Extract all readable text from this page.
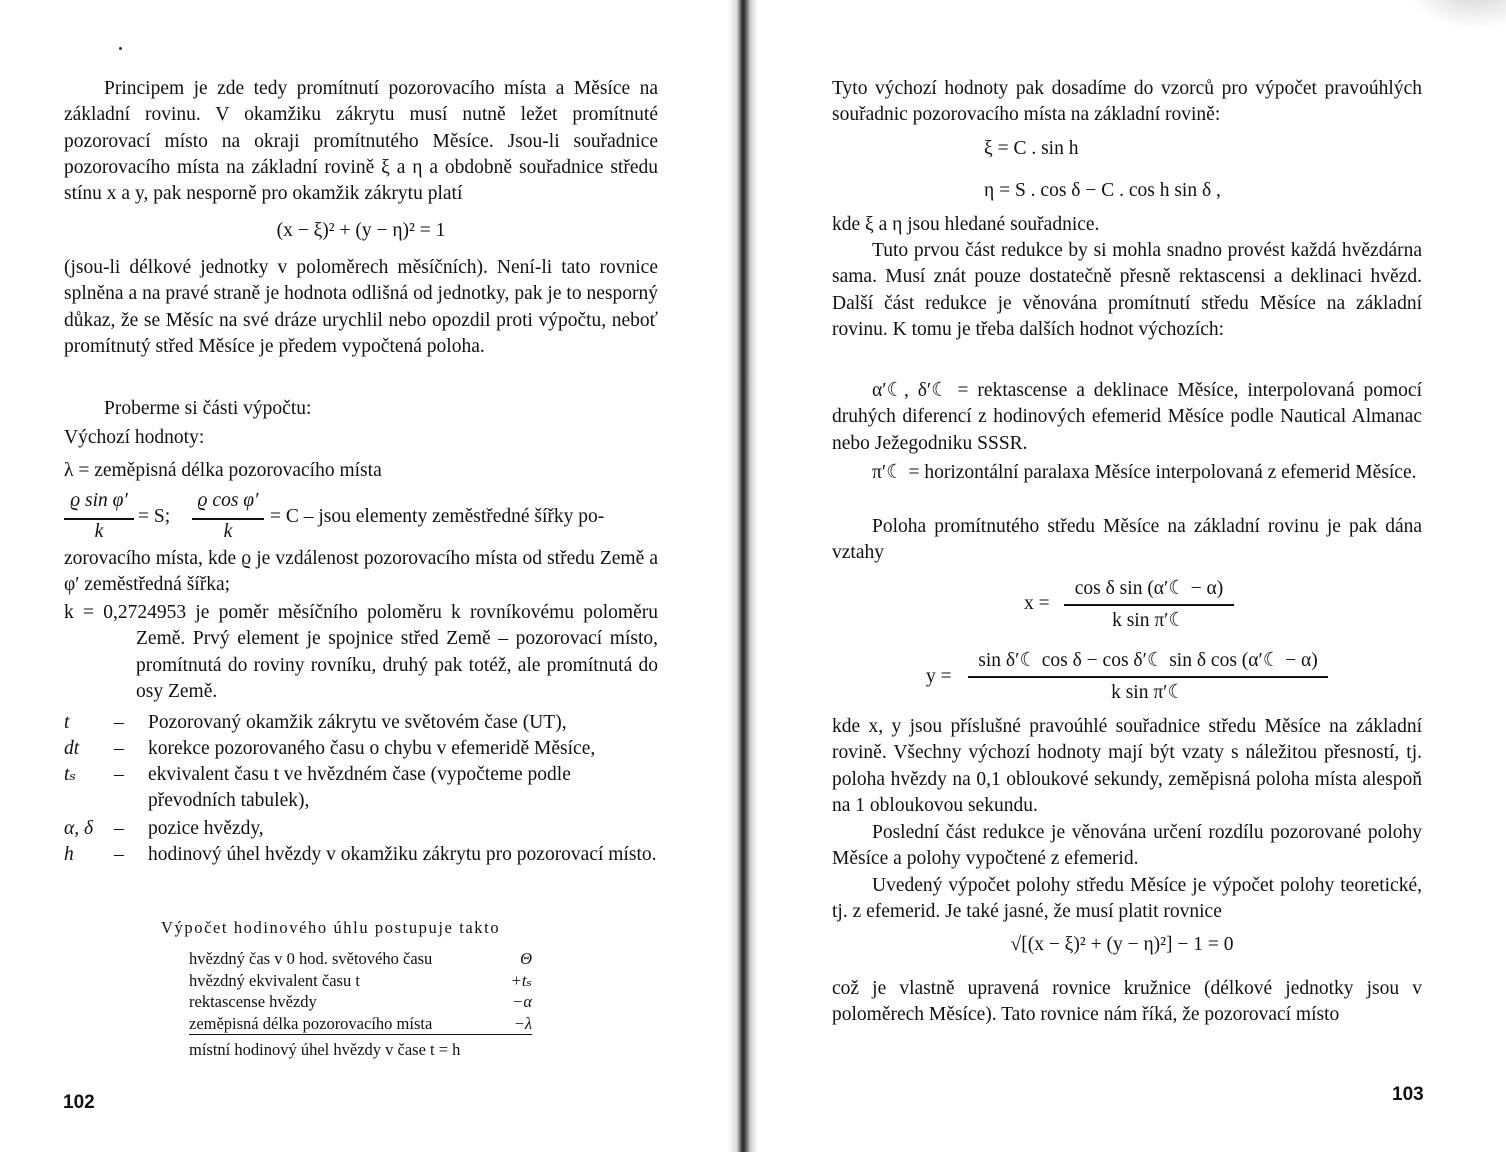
Principem je zde tedy promítnutí pozorovacího místa a Měsíce na základní rovinu. V okamžiku zákrytu musí nutně ležet promítnuté pozorovací místo na okraji promítnutého Měsíce. Jsou-li souřadnice pozorovacího místa na základní rovině ξ a η a obdobně souřadnice středu stínu x a y, pak nesporně pro okamžik zákrytu platí

(x − ξ)² + (y − η)² = 1

(jsou-li délkové jednotky v poloměrech měsíčních). Není-li tato rovnice splněna a na pravé straně je hodnota odlišná od jednotky, pak je to nesporný důkaz, že se Měsíc na své dráze urychlil nebo opozdil proti výpočtu, neboť promítnutý střed Měsíce je předem vypočtená poloha.

Proberme si části výpočtu:

Výchozí hodnoty:

λ = zeměpisná délka pozorovacího místa

ϱ sin φ′
k
= S;
ϱ cos φ′
k
= C – jsou elementy zeměstředné šířky po-

zorovacího místa, kde ϱ je vzdálenost pozorovacího místa od středu Země a φ′ zeměstředná šířka;

k = 0,2724953 je poměr měsíčního poloměru k rovníkovému poloměru Země. Prvý element je spojnice střed Země – pozorovací místo, promítnutá do roviny rovníku, druhý pak totéž, ale promítnutá do osy Země.

t	– Pozorovaný okamžik zákrytu ve světovém čase (UT),
dt	– korekce pozorovaného času o chybu v efemeridě Měsíce,
tₛ	– ekvivalent času t ve hvězdném čase (vypočteme podle převodních tabulek),
α, δ	– pozice hvězdy,
h	– hodinový úhel hvězdy v okamžiku zákrytu pro pozorovací místo.
Výpočet hodinového úhlu postupuje takto
hvězdný čas v 0 hod. světového času	Θ
hvězdný ekvivalent času t	+tₛ
rektascense hvězdy	−α
zeměpisná délka pozorovacího místa	−λ
místní hodinový úhel hvězdy v čase t = h	
102

Tyto výchozí hodnoty pak dosadíme do vzorců pro výpočet pravoúhlých souřadnic pozorovacího místa na základní rovině:

ξ = C . sin h
η = S . cos δ − C . cos h sin δ ,

kde ξ a η jsou hledané souřadnice.

Tuto prvou část redukce by si mohla snadno provést každá hvězdárna sama. Musí znát pouze dostatečně přesně rektascensi a deklinaci hvězd. Další část redukce je věnována promítnutí středu Měsíce na základní rovinu. K tomu je třeba dalších hodnot výchozích:

α′☾, δ′☾ = rektascense a deklinace Měsíce, interpolovaná pomocí druhých diferencí z hodinových efemerid Měsíce podle Nautical Almanac nebo Ježegodniku SSSR.

π′☾ = horizontální paralaxa Měsíce interpolovaná z efemerid Měsíce.

Poloha promítnutého středu Měsíce na základní rovinu je pak dána vztahy

x =
cos δ sin (α′☾ − α)
k sin π′☾
y =
sin δ′☾ cos δ − cos δ′☾ sin δ cos (α′☾ − α)
k sin π′☾

kde x, y jsou příslušné pravoúhlé souřadnice středu Měsíce na základní rovině. Všechny výchozí hodnoty mají být vzaty s náležitou přesností, tj. poloha hvězdy na 0,1 obloukové sekundy, zeměpisná poloha místa alespoň na 1 obloukovou sekundu.

Poslední část redukce je věnována určení rozdílu pozorované polohy Měsíce a polohy vypočtené z efemerid.

Uvedený výpočet polohy středu Měsíce je výpočet polohy teoretické, tj. z efemerid. Je také jasné, že musí platit rovnice

√[(x − ξ)² + (y − η)²] − 1 = 0

což je vlastně upravená rovnice kružnice (délkové jednotky jsou v poloměrech Měsíce). Tato rovnice nám říká, že pozorovací místo

103
